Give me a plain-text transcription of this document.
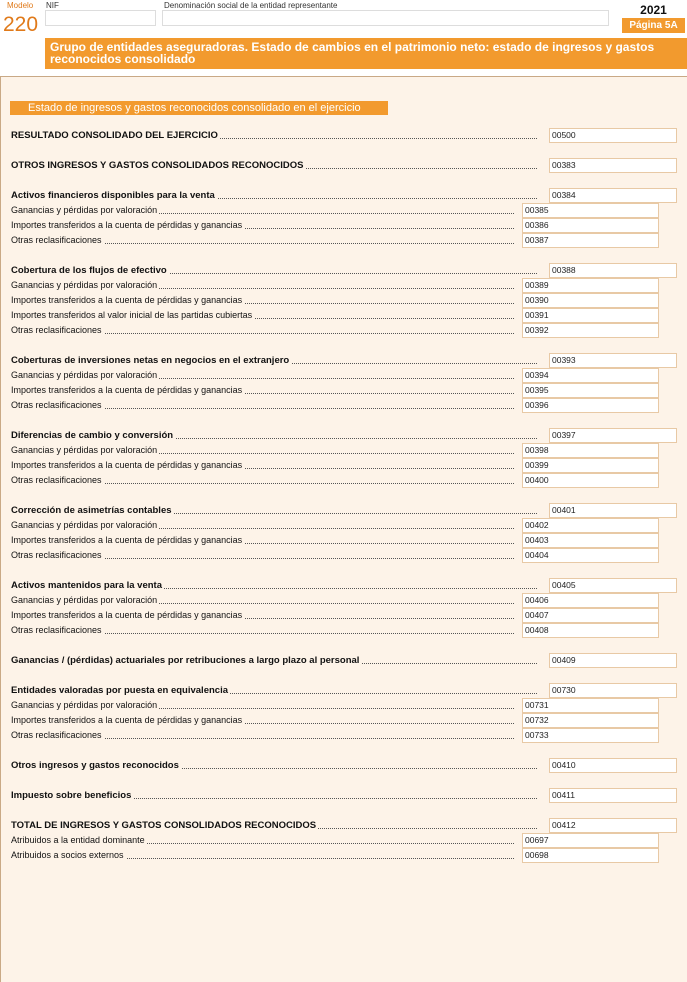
Modelo
220
NIF	Denominación social de la entidad representante	2021
Página 5A
Grupo de entidades aseguradoras. Estado de cambios en el patrimonio neto: estado de ingresos y gastos
reconocidos consolidado
Estado de ingresos y gastos reconocidos consolidado en el ejercicio
RESULTADO CONSOLIDADO DEL EJERCICIO	00500
OTROS INGRESOS Y GASTOS CONSOLIDADOS RECONOCIDOS	00383
Activos financieros disponibles para la venta	00384
Ganancias y pérdidas por valoración	00385
Importes transferidos a la cuenta de pérdidas y ganancias	00386
Otras reclasificaciones	00387
Cobertura de los flujos de efectivo	00388
Ganancias y pérdidas por valoración	00389
Importes transferidos a la cuenta de pérdidas y ganancias	00390
Importes transferidos al valor inicial de las partidas cubiertas	00391
Otras reclasificaciones	00392
Coberturas de inversiones netas en negocios en el extranjero	00393
Ganancias y pérdidas por valoración	00394
Importes transferidos a la cuenta de pérdidas y ganancias	00395
Otras reclasificaciones	00396
Diferencias de cambio y conversión	00397
Ganancias y pérdidas por valoración	00398
Importes transferidos a la cuenta de pérdidas y ganancias	00399
Otras reclasificaciones	00400
Corrección de asimetrías contables	00401
Ganancias y pérdidas por valoración	00402
Importes transferidos a la cuenta de pérdidas y ganancias	00403
Otras reclasificaciones	00404
Activos mantenidos para la venta	00405
Ganancias y pérdidas por valoración	00406
Importes transferidos a la cuenta de pérdidas y ganancias	00407
Otras reclasificaciones	00408
Ganancias / (pérdidas) actuariales por retribuciones a largo plazo al personal	00409
Entidades valoradas por puesta en equivalencia	00730
Ganancias y pérdidas por valoración	00731
Importes transferidos a la cuenta de pérdidas y ganancias	00732
Otras reclasificaciones	00733
Otros ingresos y gastos reconocidos	00410
Impuesto sobre beneficios	00411
TOTAL DE INGRESOS Y GASTOS CONSOLIDADOS RECONOCIDOS	00412
Atribuidos a la entidad dominante	00697
Atribuidos a socios externos	00698
